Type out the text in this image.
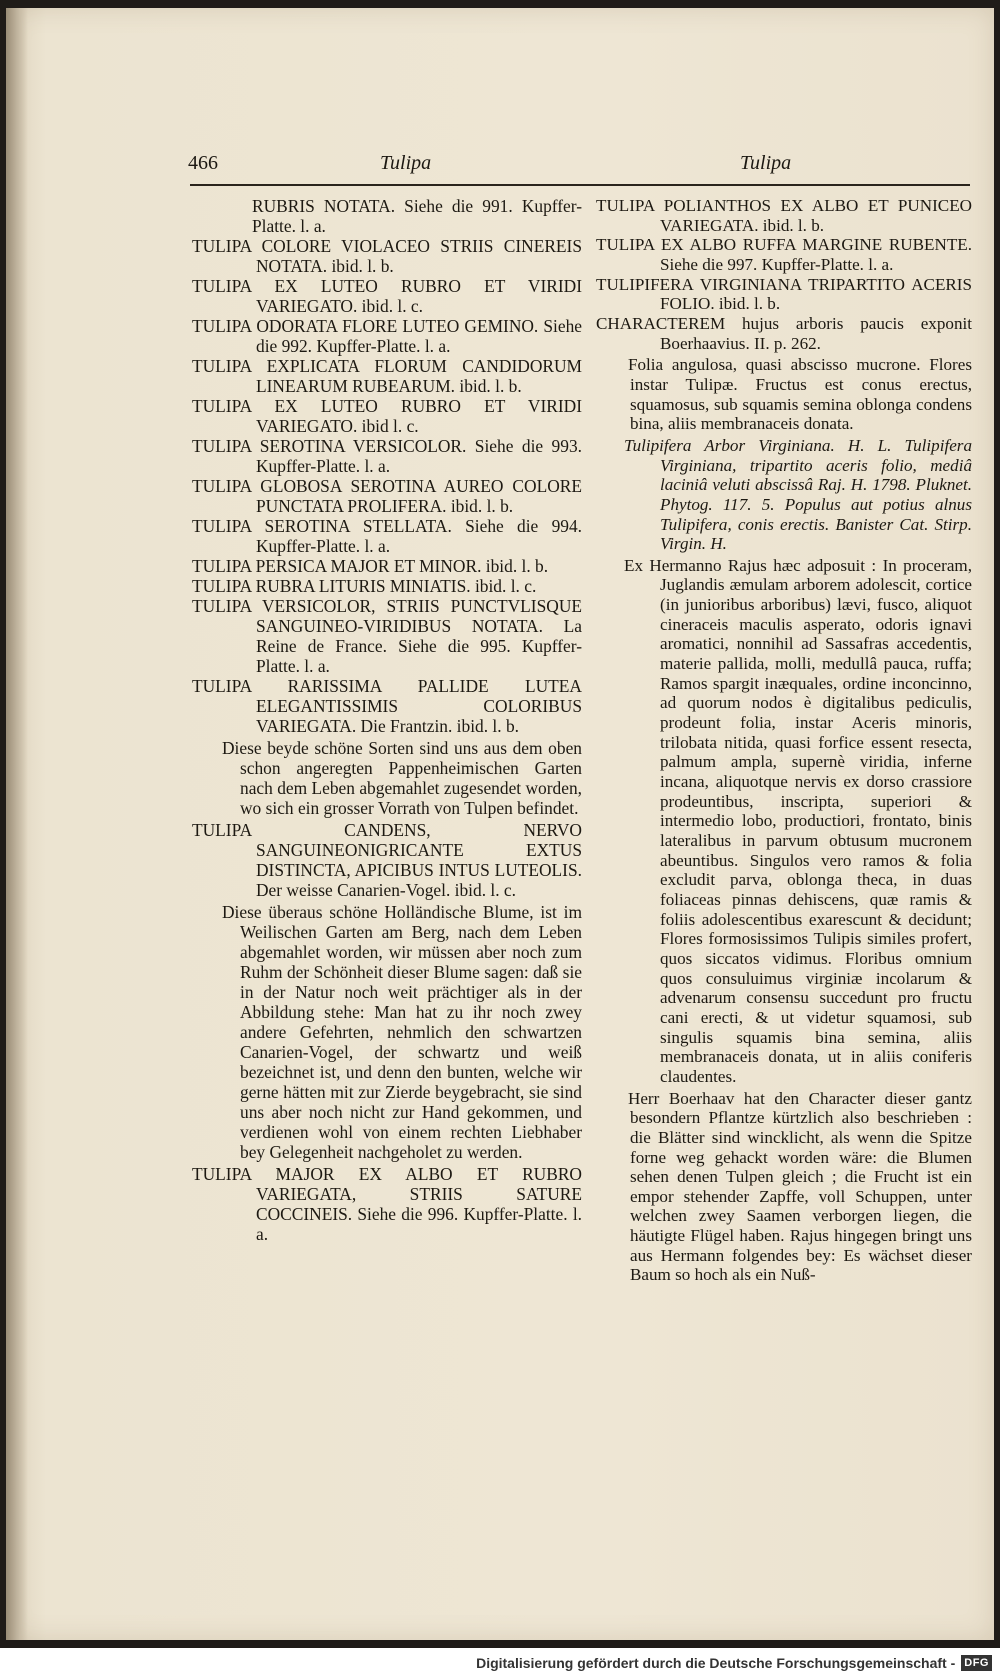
466	Tulipa	Tulipa
RUBRIS NOTATA. Siehe die 991. Kupffer-Platte. l. a.
TULIPA COLORE VIOLACEO STRIIS CINEREIS NOTATA. ibid. l. b.
TULIPA EX LUTEO RUBRO ET VIRIDI VARIEGATO. ibid. l. c.
TULIPA ODORATA FLORE LUTEO GEMINO. Siehe die 992. Kupffer-Platte. l. a.
TULIPA EXPLICATA FLORUM CANDIDORUM LINEARUM RUBEARUM. ibid. l. b.
TULIPA EX LUTEO RUBRO ET VIRIDI VARIEGATO. ibid l. c.
TULIPA SEROTINA VERSICOLOR. Siehe die 993. Kupffer-Platte. l. a.
TULIPA GLOBOSA SEROTINA AUREO COLORE PUNCTATA PROLIFERA. ibid. l. b.
TULIPA SEROTINA STELLATA. Siehe die 994. Kupffer-Platte. l. a.
TULIPA PERSICA MAJOR ET MINOR. ibid. l. b.
TULIPA RUBRA LITURIS MINIATIS. ibid. l. c.
TULIPA VERSICOLOR, STRIIS PUNCTVLISQUE SANGUINEO-VIRIDIBUS NOTATA. La Reine de France. Siehe die 995. Kupffer-Platte. l. a.
TULIPA RARISSIMA PALLIDE LUTEA ELEGANTISSIMIS COLORIBUS VARIEGATA. Die Frantzin. ibid. l. b.
Diese beyde schöne Sorten sind uns aus dem oben schon angeregten Pappenheimischen Garten nach dem Leben abgemahlet zugesendet worden, wo sich ein grosser Vorrath von Tulpen befindet.
TULIPA CANDENS, NERVO SANGUINEONIGRICANTE EXTUS DISTINCTA, APICIBUS INTUS LUTEOLIS. Der weisse Canarien-Vogel. ibid. l. c.
Diese überaus schöne Holländische Blume, ist im Weilischen Garten am Berg, nach dem Leben abgemahlet worden, wir müssen aber noch zum Ruhm der Schönheit dieser Blume sagen: daß sie in der Natur noch weit prächtiger als in der Abbildung stehe: Man hat zu ihr noch zwey andere Gefehrten, nehmlich den schwartzen Canarien-Vogel, der schwartz und weiß bezeichnet ist, und denn den bunten, welche wir gerne hätten mit zur Zierde beygebracht, sie sind uns aber noch nicht zur Hand gekommen, und verdienen wohl von einem rechten Liebhaber bey Gelegenheit nachgeholet zu werden.
TULIPA MAJOR EX ALBO ET RUBRO VARIEGATA, STRIIS SATURE COCCINEIS. Siehe die 996. Kupffer-Platte. l. a.
TULIPA POLIANTHOS EX ALBO ET PUNICEO VARIEGATA. ibid. l. b.
TULIPA EX ALBO RUFFA MARGINE RUBENTE. Siehe die 997. Kupffer-Platte. l. a.
TULIPIFERA VIRGINIANA TRIPARTITO ACERIS FOLIO. ibid. l. b.
CHARACTEREM hujus arboris paucis exponit Boerhaavius. II. p. 262.
Folia angulosa, quasi abscisso mucrone. Flores instar Tulipæ. Fructus est conus erectus, squamosus, sub squamis semina oblonga condens bina, aliis membranaceis donata.
Tulipifera Arbor Virginiana. H. L. Tulipifera Virginiana, tripartito aceris folio, mediâ laciniâ veluti abscissâ Raj. H. 1798. Pluknet. Phytog. 117. 5. Populus aut potius alnus Tulipifera, conis erectis. Banister Cat. Stirp. Virgin. H.
Ex Hermanno Rajus hæc adposuit : In proceram, Juglandis æmulam arborem adolescit, cortice (in junioribus arboribus) lævi, fusco, aliquot cineraceis maculis asperato, odoris ignavi aromatici, nonnihil ad Sassafras accedentis, materie pallida, molli, medullâ pauca, ruffa; Ramos spargit inæquales, ordine inconcinno, ad quorum nodos è digitalibus pediculis, prodeunt folia, instar Aceris minoris, trilobata nitida, quasi forfice essent resecta, palmum ampla, supernè viridia, inferne incana, aliquotque nervis ex dorso crassiore prodeuntibus, inscripta, superiori & intermedio lobo, productiori, frontato, binis lateralibus in parvum obtusum mucronem abeuntibus. Singulos vero ramos & folia excludit parva, oblonga theca, in duas foliaceas pinnas dehiscens, quæ ramis & foliis adolescentibus exarescunt & decidunt; Flores formosissimos Tulipis similes profert, quos siccatos vidimus. Floribus omnium quos consuluimus virginiæ incolarum & advenarum consensu succedunt pro fructu cani erecti, & ut videtur squamosi, sub singulis squamis bina semina, aliis membranaceis donata, ut in aliis coniferis claudentes.
Herr Boerhaav hat den Character dieser gantz besondern Pflantze kürtzlich also beschrieben : die Blätter sind wincklicht, als wenn die Spitze forne weg gehackt worden wäre: die Blumen sehen denen Tulpen gleich ; die Frucht ist ein empor stehender Zapffe, voll Schuppen, unter welchen zwey Saamen verborgen liegen, die häutigte Flügel haben. Rajus hingegen bringt uns aus Hermann folgendes bey: Es wächset dieser Baum so hoch als ein Nuß-
Digitalisierung gefördert durch die Deutsche Forschungsgemeinschaft - DFG
